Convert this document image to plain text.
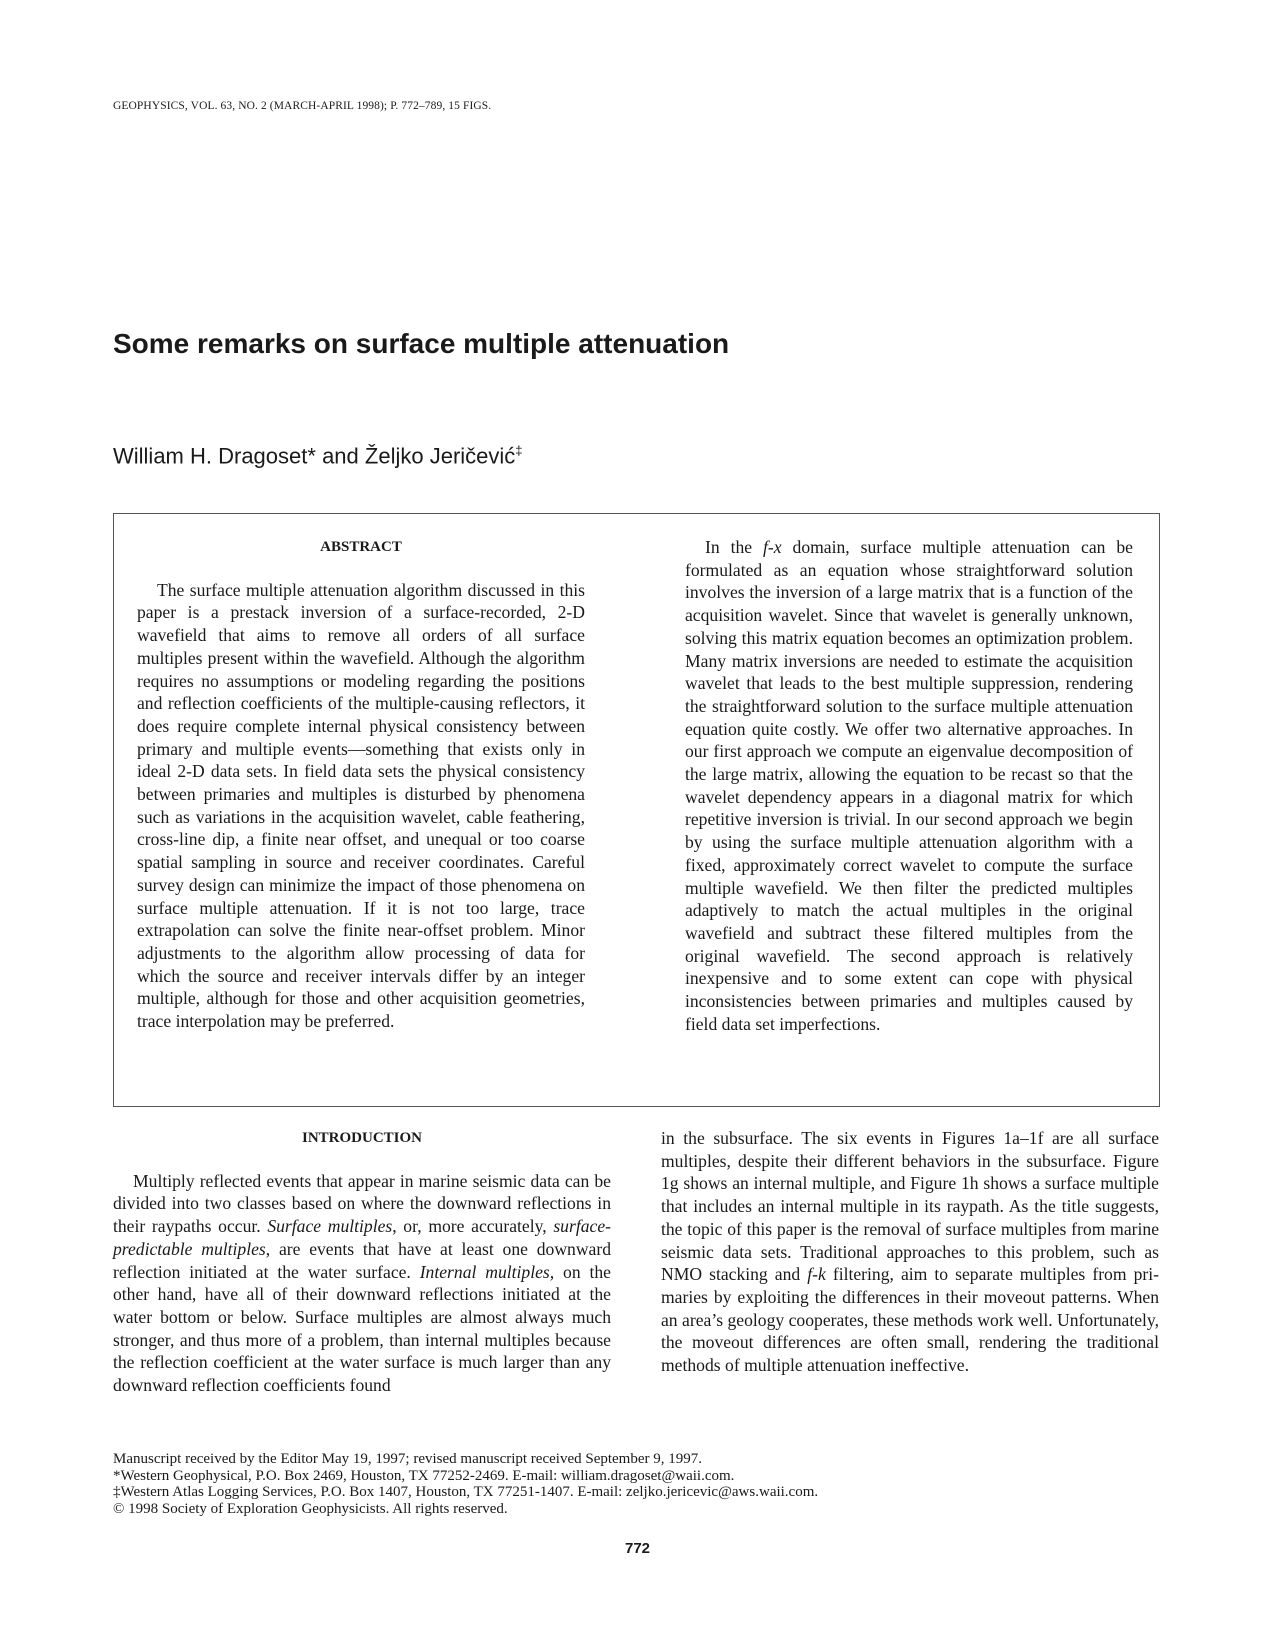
GEOPHYSICS, VOL. 63, NO. 2 (MARCH-APRIL 1998); P. 772–789, 15 FIGS.
Some remarks on surface multiple attenuation
William H. Dragoset* and Željko Jeričević‡
ABSTRACT

The surface multiple attenuation algorithm discussed in this paper is a prestack inversion of a surface-recorded, 2-D wavefield that aims to remove all orders of all surface multiples present within the wavefield. Although the algorithm requires no assumptions or modeling regarding the positions and reflection coefficients of the multiple-causing reflectors, it does require complete internal physical consistency between primary and multiple events—something that exists only in ideal 2-D data sets. In field data sets the physical consistency between primaries and multiples is disturbed by phenomena such as variations in the acquisition wavelet, cable feathering, cross-line dip, a finite near offset, and unequal or too coarse spatial sampling in source and receiver coordinates. Careful survey design can minimize the impact of those phenomena on surface multiple attenuation. If it is not too large, trace extrapolation can solve the finite near-offset problem. Minor adjustments to the algorithm allow processing of data for which the source and receiver intervals differ by an integer multiple, although for those and other acquisition geometries, trace interpolation may be preferred.

In the f-x domain, surface multiple attenuation can be formulated as an equation whose straightforward solution involves the inversion of a large matrix that is a function of the acquisition wavelet. Since that wavelet is generally unknown, solving this matrix equation becomes an optimization problem. Many matrix inversions are needed to estimate the acquisition wavelet that leads to the best multiple suppression, rendering the straightforward solution to the surface multiple attenuation equation quite costly. We offer two alternative approaches. In our first approach we compute an eigenvalue decomposition of the large matrix, allowing the equation to be recast so that the wavelet dependency appears in a diagonal matrix for which repetitive inversion is trivial. In our second approach we begin by using the surface multiple attenuation algorithm with a fixed, approximately correct wavelet to compute the surface multiple wavefield. We then filter the predicted multiples adaptively to match the actual multiples in the original wavefield and subtract these filtered multiples from the original wavefield. The second approach is relatively inexpensive and to some extent can cope with physical inconsistencies between primaries and multiples caused by field data set imperfections.

INTRODUCTION

Multiply reflected events that appear in marine seismic data can be divided into two classes based on where the downward reflections in their raypaths occur. Surface multiples, or, more accurately, surface-predictable multiples, are events that have at least one downward reflection initiated at the water surface. Internal multiples, on the other hand, have all of their downward reflections initiated at the water bottom or below. Surface multiples are almost always much stronger, and thus more of a problem, than internal multiples because the reflection coefficient at the water surface is much larger than any downward reflection coefficients found

in the subsurface. The six events in Figures 1a–1f are all surface multiples, despite their different behaviors in the subsurface. Figure 1g shows an internal multiple, and Figure 1h shows a surface multiple that includes an internal multiple in its raypath. As the title suggests, the topic of this paper is the removal of surface multiples from marine seismic data sets. Traditional approaches to this problem, such as NMO stacking and f-k filtering, aim to separate multiples from primaries by exploiting the differences in their moveout patterns. When an area’s geology cooperates, these methods work well. Unfortunately, the moveout differences are often small, rendering the traditional methods of multiple attenuation ineffective.

Manuscript received by the Editor May 19, 1997; revised manuscript received September 9, 1997.
*Western Geophysical, P.O. Box 2469, Houston, TX 77252-2469. E-mail: william.dragoset@waii.com.
‡Western Atlas Logging Services, P.O. Box 1407, Houston, TX 77251-1407. E-mail: zeljko.jericevic@aws.waii.com.
© 1998 Society of Exploration Geophysicists. All rights reserved.
772
